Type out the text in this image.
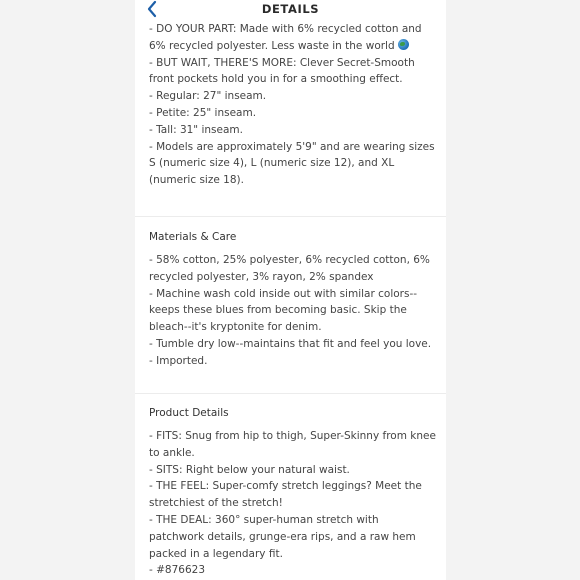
- DO YOUR PART: Made with 6% recycled cotton and

6% recycled polyester. Less waste in the world

- BUT WAIT, THERE'S MORE: Clever Secret-Smooth

front pockets hold you in for a smoothing effect.

- Regular: 27" inseam.

- Petite: 25" inseam.

- Tall: 31" inseam.

- Models are approximately 5'9" and are wearing sizes

S (numeric size 4), L (numeric size 12), and XL

(numeric size 18).

Materials & Care

- 58% cotton, 25% polyester, 6% recycled cotton, 6%

recycled polyester, 3% rayon, 2% spandex

- Machine wash cold inside out with similar colors--

keeps these blues from becoming basic. Skip the

bleach--it's kryptonite for denim.

- Tumble dry low--maintains that fit and feel you love.

- Imported.

Product Details

- FITS: Snug from hip to thigh, Super-Skinny from knee

to ankle.

- SITS: Right below your natural waist.

- THE FEEL: Super-comfy stretch leggings? Meet the

stretchiest of the stretch!

- THE DEAL: 360° super-human stretch with

patchwork details, grunge-era rips, and a raw hem

packed in a legendary fit.

- #876623

DETAILS
